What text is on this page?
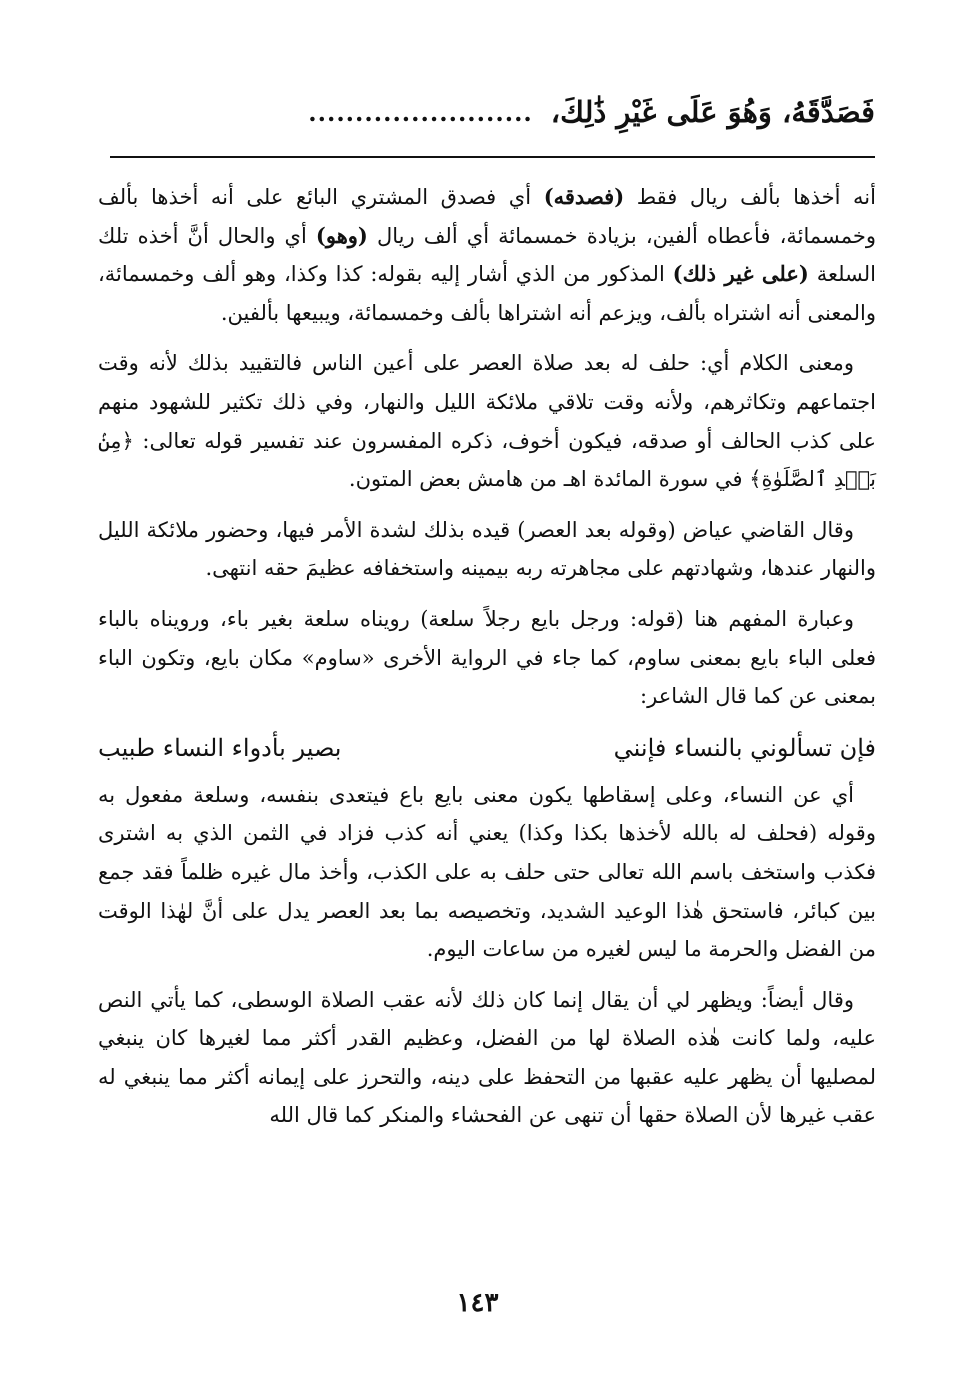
فَصَدَّقَهُ، وَهُوَ عَلَى غَيْرِ ذَٰلِكَ،
........................

أنه أخذها بألف ريال فقط (فصدقه) أي فصدق المشتري البائع على أنه أخذها بألف وخمسمائة، فأعطاه ألفين، بزيادة خمسمائة أي ألف ريال (وهو) أي والحال أنَّ أخذه تلك السلعة (على غير ذلك) المذكور من الذي أشار إليه بقوله: كذا وكذا، وهو ألف وخمسمائة، والمعنى أنه اشتراه بألف، ويزعم أنه اشتراها بألف وخمسمائة، ويبيعها بألفين.

ومعنى الكلام أي: حلف له بعد صلاة العصر على أعين الناس فالتقييد بذلك لأنه وقت اجتماعهم وتكاثرهم، ولأنه وقت تلاقي ملائكة الليل والنهار، وفي ذلك تكثير للشهود منهم على كذب الحالف أو صدقه، فيكون أخوف، ذكره المفسرون عند تفسير قوله تعالى: ﴿مِنۢ بَعۡدِ ٱلصَّلَوٰةِ﴾ في سورة المائدة اهـ من هامش بعض المتون.

وقال القاضي عياض (وقوله بعد العصر) قيده بذلك لشدة الأمر فيها، وحضور ملائكة الليل والنهار عندها، وشهادتهم على مجاهرته ربه بيمينه واستخفافه عظيمَ حقه انتهى.

وعبارة المفهم هنا (قوله: ورجل بايع رجلاً سلعة) رويناه سلعة بغير باء، ورويناه بالباء فعلى الباء بايع بمعنى ساوم، كما جاء في الرواية الأخرى «ساوم» مكان بايع، وتكون الباء بمعنى عن كما قال الشاعر:

فإن تسألوني بالنساء فإنني
بصير بأدواء النساء طبيب

أي عن النساء، وعلى إسقاطها يكون معنى بايع باع فيتعدى بنفسه، وسلعة مفعول به وقوله (فحلف له بالله لأخذها بكذا وكذا) يعني أنه كذب فزاد في الثمن الذي به اشترى فكذب واستخف باسم الله تعالى حتى حلف به على الكذب، وأخذ مال غيره ظلماً فقد جمع بين كبائر، فاستحق هٰذا الوعيد الشديد، وتخصيصه بما بعد العصر يدل على أنَّ لهٰذا الوقت من الفضل والحرمة ما ليس لغيره من ساعات اليوم.

وقال أيضاً: ويظهر لي أن يقال إنما كان ذلك لأنه عقب الصلاة الوسطى، كما يأتي النص عليه، ولما كانت هٰذه الصلاة لها من الفضل، وعظيم القدر أكثر مما لغيرها كان ينبغي لمصليها أن يظهر عليه عقبها من التحفظ على دينه، والتحرز على إيمانه أكثر مما ينبغي له عقب غيرها لأن الصلاة حقها أن تنهى عن الفحشاء والمنكر كما قال الله

١٤٣
